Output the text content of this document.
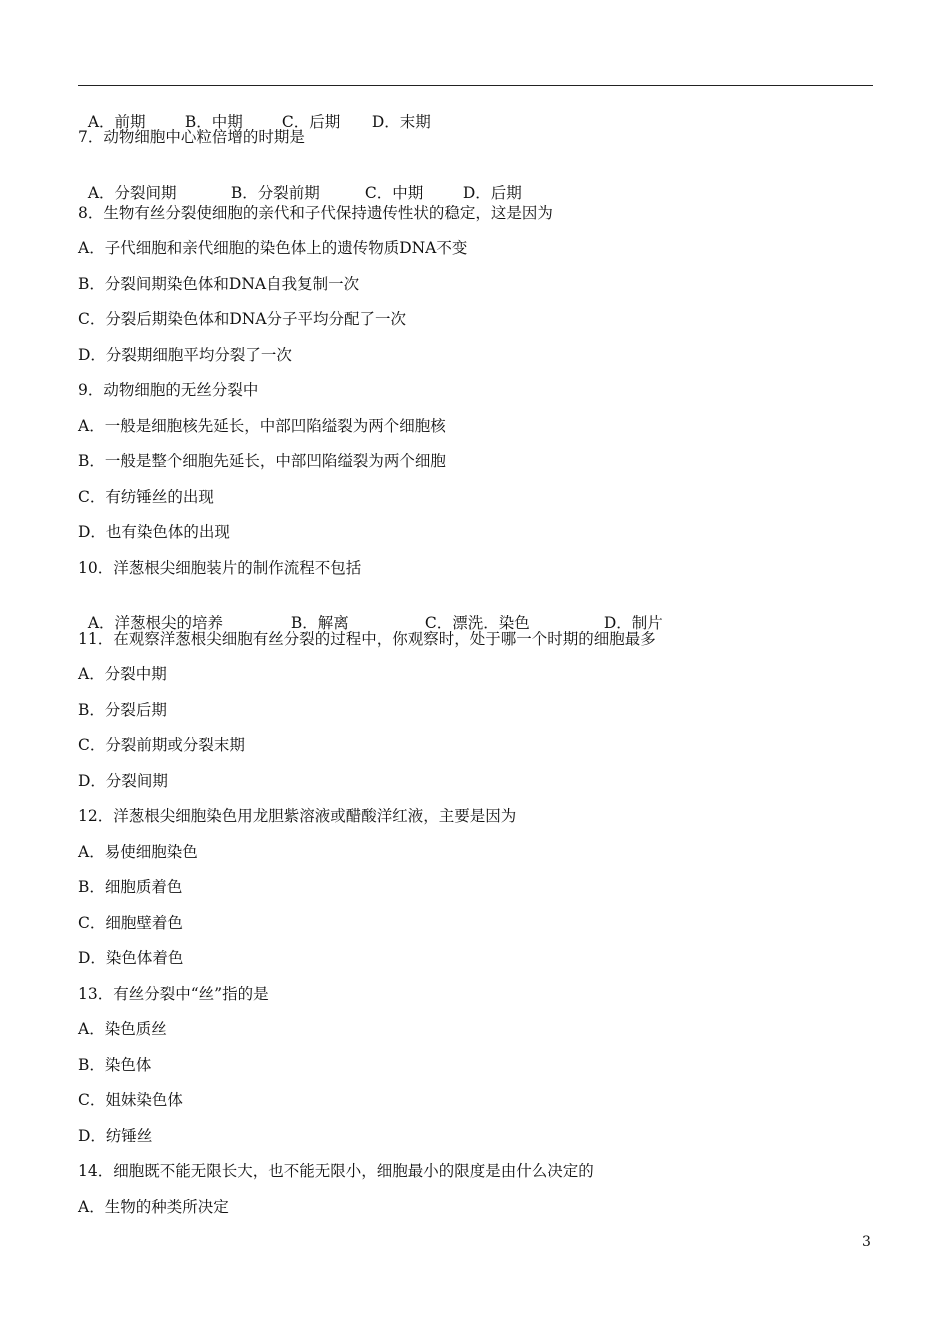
A．前期	B．中期	C．后期 D．末期

7．动物细胞中心粒倍增的时期是

A．分裂间期	B．分裂前期	C．中期	D．后期

8．生物有丝分裂使细胞的亲代和子代保持遗传性状的稳定，这是因为
A．子代细胞和亲代细胞的染色体上的遗传物质DNA不变
B．分裂间期染色体和DNA自我复制一次
C．分裂后期染色体和DNA分子平均分配了一次
D．分裂期细胞平均分裂了一次
9．动物细胞的无丝分裂中
A．一般是细胞核先延长，中部凹陷缢裂为两个细胞核
B．一般是整个细胞先延长，中部凹陷缢裂为两个细胞
C．有纺锤丝的出现
D．也有染色体的出现
10．洋葱根尖细胞装片的制作流程不包括

A．洋葱根尖的培养	B．解离	C．漂洗．染色	D．制片

11．在观察洋葱根尖细胞有丝分裂的过程中，你观察时，处于哪一个时期的细胞最多
A．分裂中期
B．分裂后期
C．分裂前期或分裂末期
D．分裂间期
12．洋葱根尖细胞染色用龙胆紫溶液或醋酸洋红液，主要是因为
A．易使细胞染色
B．细胞质着色
C．细胞壁着色
D．染色体着色
13．有丝分裂中“丝”指的是
A．染色质丝
B．染色体
C．姐妹染色体
D．纺锤丝
14．细胞既不能无限长大，也不能无限小，细胞最小的限度是由什么决定的
A．生物的种类所决定
3
